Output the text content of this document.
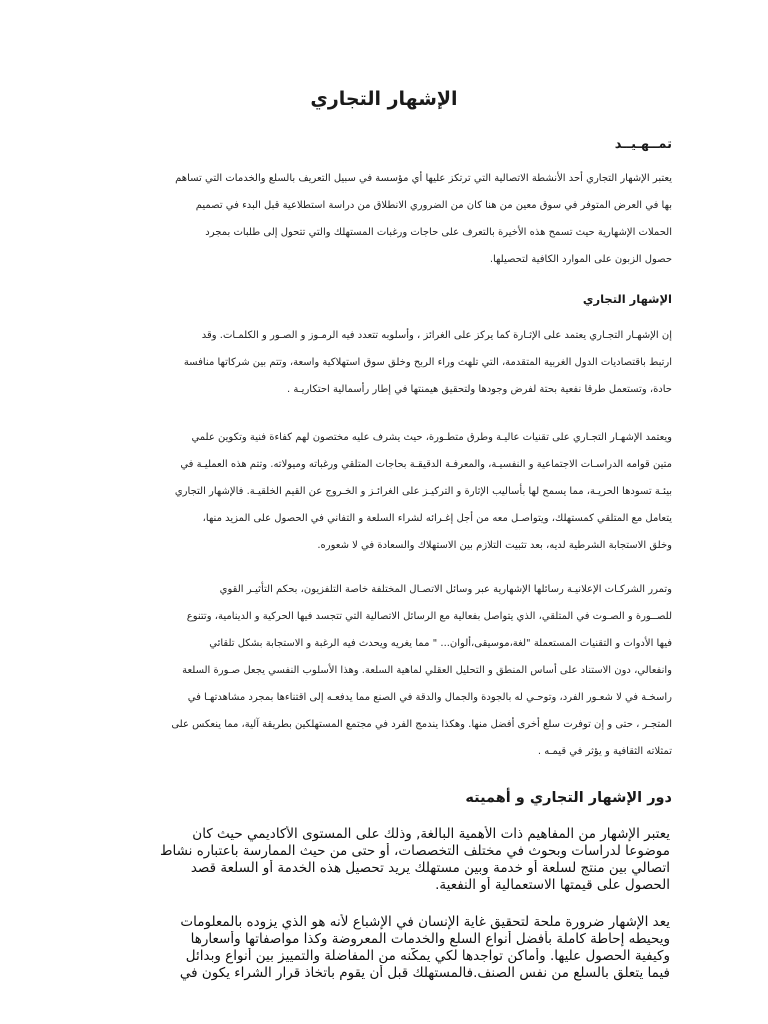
الإشهار التجاري
تمــهـيــد
يعتبر الإشهار التجاري أحد الأنشطة الاتصالية التي ترتكز عليها أي مؤسسة في سبيل التعريف بالسلع والخدمات التي تساهم
بها في العرض المتوفر في سوق معين من هنا كان من الضروري الانطلاق من دراسة استطلاعية قبل البدء في تصميم
الحملات الإشهارية حيث تسمح هذه الأخيرة بالتعرف على حاجات ورغبات المستهلك والتي تتحول إلى طلبات بمجرد
حصول الزبون على الموارد الكافية لتحصيلها.
الإشهار التجاري
إن الإشهـار التجـاري يعتمد على الإثـارة كما يركز على الغرائز ، وأسلوبه تتعدد فيه الرمـوز و الصـور و الكلمـات. وقد
ارتبط باقتصاديات الدول الغربية المتقدمة، التي تلهث وراء الربح وخلق سوق استهلاكية واسعة، وتتم بين شركاتها منافسة
حادة، وتستعمل طرقا نفعية بحتة لفرض وجودها ولتحقيق هيمنتها في إطار رأسمالية احتكاريـة .
ويعتمد الإشهـار التجـاري على تقنيات عاليـة وطرق متطـورة، حيث يشرف عليه مختصون لهم كفاءة فنية وتكوين علمي
متين قوامه الدراسـات الاجتماعية و النفسيـة، والمعرفـة الدقيقـة بحاجات المتلقي ورغباته وميولاته. وتتم هذه العمليـة في
بيئـة تسودها الحريـة، مما يسمح لها بأساليب الإثارة و التركيـز على الغرائـز و الخـروج عن القيم الخلقيـة. فالإشهار التجاري
يتعامل مع المتلقي كمستهلك، ويتواصـل معه من أجل إغـرائه لشراء السلعة و التفاني في الحصول على المزيد منها،
وخلق الاستجابة الشرطية لديه، بعد تثبيت التلازم بين الاستهلاك والسعادة في لا شعوره.
وتمرر الشركـات الإعلانيـة رسائلها الإشهارية عبر وسائل الاتصـال المختلفة خاصة التلفزيون، بحكم التأثيـر القوي
للصــورة و الصـوت في المتلقي، الذي يتواصل بفعالية مع الرسائل الاتصالية التي تتجسد فيها الحركية و الدينامية، وتتنوع
فيها الأدوات و التقنيات المستعملة "لغة،موسيقى،ألوان... " مما يغريه ويحدث فيه الرغبة و الاستجابة بشكل تلقائي
وانفعالي، دون الاستناد على أساس المنطق و التحليل العقلي لماهية السلعة. وهذا الأسلوب النفسي يجعل صـورة السلعة
راسخـة في لا شعـور الفرد، وتوحـي له بالجودة والجمال والدقة في الصنع مما يدفعـه إلى اقتناءها بمجرد مشاهدتهـا في
المتجـر ، حتى و إن توفرت سلع أخرى أفضل منها. وهكذا يندمج الفرد في مجتمع المستهلكين بطريقة آلية، مما ينعكس على
تمثلاته الثقافية و يؤثر في قيمـه .
دور الإشهار التجاري و أهميته
يعتبر الإشهار من المفاهيم ذات الأهمية البالغة, وذلك على المستوى الأكاديمي حيث كان
موضوعا لدراسات وبحوث في مختلف التخصصات، أو حتى من حيث الممارسة باعتباره نشاط
اتصالي بين منتج لسلعة أو خدمة وبين مستهلك يريد تحصيل هذه الخدمة أو السلعة قصد
الحصول على قيمتها الاستعمالية أو النفعية.
يعد الإشهار ضرورة ملحة لتحقيق غاية الإنسان في الإشباع لأنه هو الذي يزوده بالمعلومات
ويحيطه إحاطة كاملة بأفضل أنواع السلع والخدمات المعروضة وكذا مواصفاتها وأسعارها
وكيفية الحصول عليها. وأماكن تواجدها لكي يمكّنه من المفاضلة والتمييز بين أنواع وبدائل
فيما يتعلق بالسلع من نفس الصنف.فالمستهلك قبل أن يقوم باتخاذ قرار الشراء يكون في
